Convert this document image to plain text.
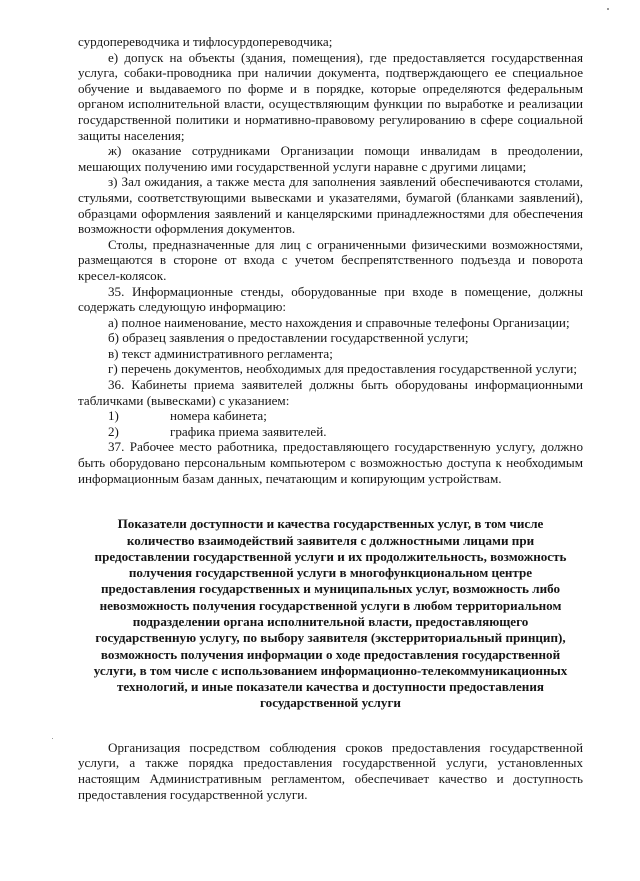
сурдопереводчика и тифлосурдопереводчика;

е) допуск на объекты (здания, помещения), где предоставляется государственная услуга, собаки-проводника при наличии документа, подтверждающего ее специальное обучение и выдаваемого по форме и в порядке, которые определяются федеральным органом исполнительной власти, осуществляющим функции по выработке и реализации государственной политики и нормативно-правовому регулированию в сфере социальной защиты населения;

ж) оказание сотрудниками Организации помощи инвалидам в преодолении, мешающих получению ими государственной услуги наравне с другими лицами;

з) Зал ожидания, а также места для заполнения заявлений обеспечиваются столами, стульями, соответствующими вывесками и указателями, бумагой (бланками заявлений), образцами оформления заявлений и канцелярскими принадлежностями для обеспечения возможности оформления документов.

Столы, предназначенные для лиц с ограниченными физическими возможностями, размещаются в стороне от входа с учетом беспрепятственного подъезда и поворота кресел-колясок.

35. Информационные стенды, оборудованные при входе в помещение, должны содержать следующую информацию:

а) полное наименование, место нахождения и справочные телефоны Организации;

б) образец заявления о предоставлении государственной услуги;

в) текст административного регламента;

г) перечень документов, необходимых для предоставления государственной услуги;

36. Кабинеты приема заявителей должны быть оборудованы информационными табличками (вывесками) с указанием:

1)	номера кабинета;
2)	графика приема заявителей.

37. Рабочее место работника, предоставляющего государственную услугу, должно быть оборудовано персональным компьютером с возможностью доступа к необходимым информационным базам данных, печатающим и копирующим устройствам.

Показатели доступности и качества государственных услуг, в том числе количество взаимодействий заявителя с должностными лицами при предоставлении государственной услуги и их продолжительность, возможность получения государственной услуги в многофункциональном центре предоставления государственных и муниципальных услуг, возможность либо невозможность получения государственной услуги в любом территориальном подразделении органа исполнительной власти, предоставляющего государственную услугу, по выбору заявителя (экстерриториальный принцип), возможность получения информации о ходе предоставления государственной услуги, в том числе с использованием информационно-телекоммуникационных технологий, и иные показатели качества и доступности предоставления государственной услуги

Организация посредством соблюдения сроков предоставления государственной услуги, а также порядка предоставления государственной услуги, установленных настоящим Административным регламентом, обеспечивает качество и доступность предоставления государственной услуги.
